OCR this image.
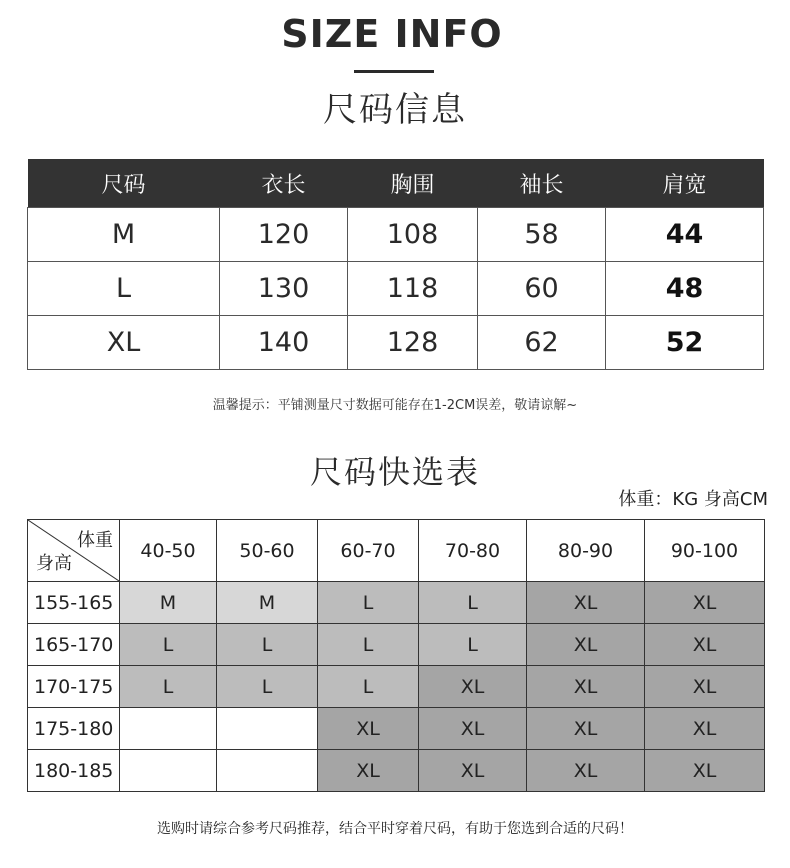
SIZE INFO
尺码信息
尺码	衣长	胸围	袖长	肩宽
M	120	108	58	44
L	130	118	60	48
XL	140	128	62	52
温馨提示：平铺测量尺寸数据可能存在1-2CM误差，敬请谅解~
尺码快选表
体重：KG 身高CM
体重
身高	40-50	50-60	60-70	70-80	80-90	90-100
155-165	M	M	L	L	XL	XL
165-170	L	L	L	L	XL	XL
170-175	L	L	L	XL	XL	XL
175-180			XL	XL	XL	XL
180-185			XL	XL	XL	XL
选购时请综合参考尺码推荐，结合平时穿着尺码，有助于您选到合适的尺码！
